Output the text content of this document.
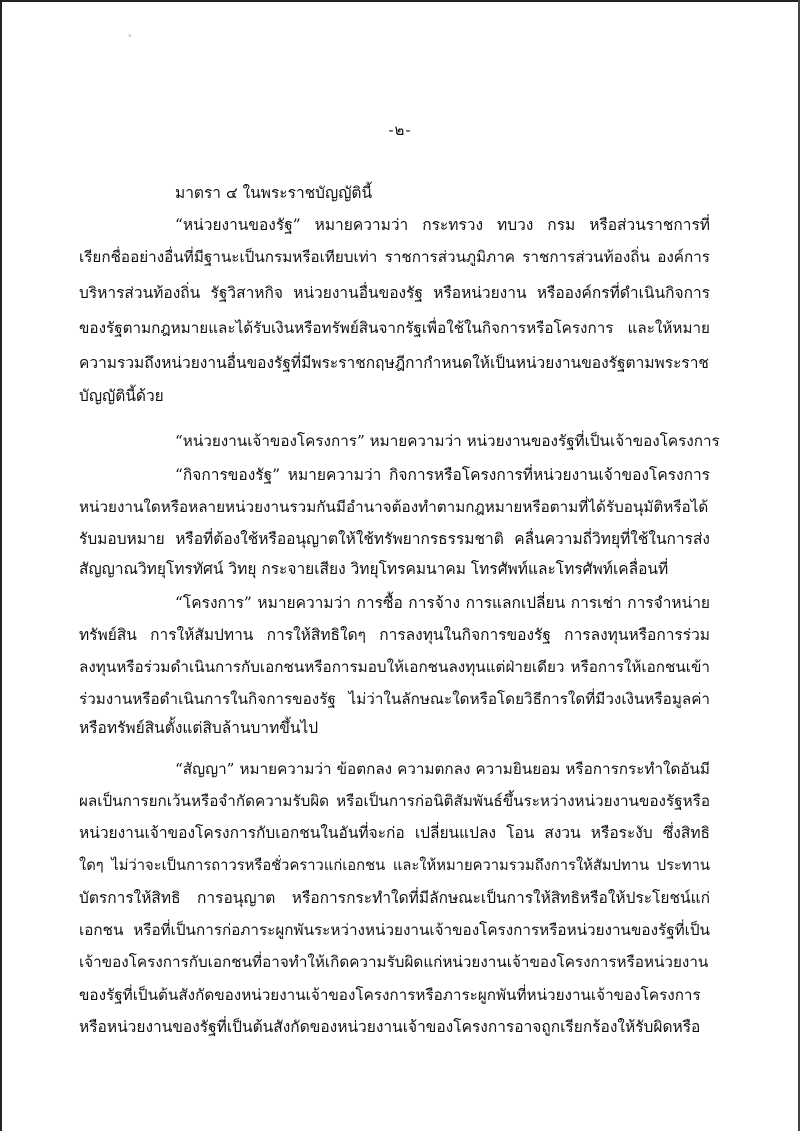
ₓ
-๒-
มาตรา ๔ ในพระราชบัญญัตินี้
“หน่วยงานของรัฐ” หมายความว่า กระทรวง ทบวง กรม หรือส่วนราชการที่
เรียกชื่ออย่างอื่นที่มีฐานะเป็นกรมหรือเทียบเท่า ราชการส่วนภูมิภาค ราชการส่วนท้องถิ่น องค์การ
บริหารส่วนท้องถิ่น รัฐวิสาหกิจ หน่วยงานอื่นของรัฐ หรือหน่วยงาน หรือองค์กรที่ดำเนินกิจการ
ของรัฐตามกฎหมายและได้รับเงินหรือทรัพย์สินจากรัฐเพื่อใช้ในกิจการหรือโครงการ และให้หมาย
ความรวมถึงหน่วยงานอื่นของรัฐที่มีพระราชกฤษฎีกากำหนดให้เป็นหน่วยงานของรัฐตามพระราช
บัญญัตินี้ด้วย
“หน่วยงานเจ้าของโครงการ” หมายความว่า หน่วยงานของรัฐที่เป็นเจ้าของโครงการ
“กิจการของรัฐ” หมายความว่า กิจการหรือโครงการที่หน่วยงานเจ้าของโครงการ
หน่วยงานใดหรือหลายหน่วยงานรวมกันมีอำนาจต้องทำตามกฎหมายหรือตามที่ได้รับอนุมัติหรือได้
รับมอบหมาย หรือที่ต้องใช้หรืออนุญาตให้ใช้ทรัพยากรธรรมชาติ คลื่นความถี่วิทยุที่ใช้ในการส่ง
สัญญาณวิทยุโทรทัศน์ วิทยุ กระจายเสียง วิทยุโทรคมนาคม โทรศัพท์และโทรศัพท์เคลื่อนที่
“โครงการ” หมายความว่า การซื้อ การจ้าง การแลกเปลี่ยน การเช่า การจำหน่าย
ทรัพย์สิน การให้สัมปทาน การให้สิทธิใดๆ การลงทุนในกิจการของรัฐ การลงทุนหรือการร่วม
ลงทุนหรือร่วมดำเนินการกับเอกชนหรือการมอบให้เอกชนลงทุนแต่ฝ่ายเดียว หรือการให้เอกชนเข้า
ร่วมงานหรือดำเนินการในกิจการของรัฐ ไม่ว่าในลักษณะใดหรือโดยวิธีการใดที่มีวงเงินหรือมูลค่า
หรือทรัพย์สินตั้งแต่สิบล้านบาทขึ้นไป
“สัญญา” หมายความว่า ข้อตกลง ความตกลง ความยินยอม หรือการกระทำใดอันมี
ผลเป็นการยกเว้นหรือจำกัดความรับผิด หรือเป็นการก่อนิติสัมพันธ์ขึ้นระหว่างหน่วยงานของรัฐหรือ
หน่วยงานเจ้าของโครงการกับเอกชนในอันที่จะก่อ เปลี่ยนแปลง โอน สงวน หรือระงับ ซึ่งสิทธิ
ใดๆ ไม่ว่าจะเป็นการถาวรหรือชั่วคราวแก่เอกชน และให้หมายความรวมถึงการให้สัมปทาน ประทาน
บัตรการให้สิทธิ การอนุญาต หรือการกระทำใดที่มีลักษณะเป็นการให้สิทธิหรือให้ประโยชน์แก่
เอกชน หรือที่เป็นการก่อภาระผูกพันระหว่างหน่วยงานเจ้าของโครงการหรือหน่วยงานของรัฐที่เป็น
เจ้าของโครงการกับเอกชนที่อาจทำให้เกิดความรับผิดแก่หน่วยงานเจ้าของโครงการหรือหน่วยงาน
ของรัฐที่เป็นต้นสังกัดของหน่วยงานเจ้าของโครงการหรือภาระผูกพันที่หน่วยงานเจ้าของโครงการ
หรือหน่วยงานของรัฐที่เป็นต้นสังกัดของหน่วยงานเจ้าของโครงการอาจถูกเรียกร้องให้รับผิดหรือ
